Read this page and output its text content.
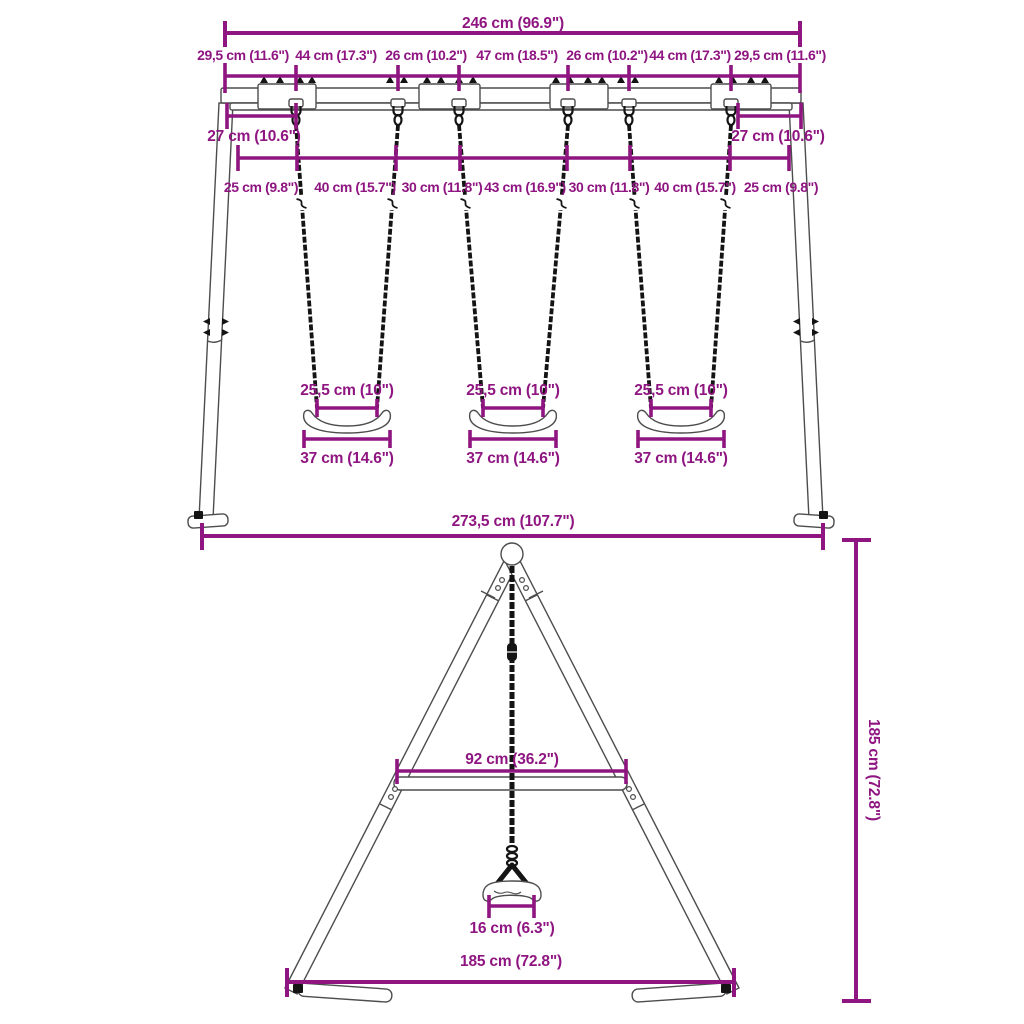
246 cm (96.9")
29,5 cm (11.6") 44 cm (17.3") 26 cm (10.2") 47 cm (18.5") 26 cm (10.2") 44 cm (17.3") 29,5 cm (11.6")
27 cm (10.6")	27 cm (10.6")
25 cm (9.8") 40 cm (15.7") 30 cm (11.8") 43 cm (16.9") 30 cm (11.8") 40 cm (15.7") 25 cm (9.8")
25,5 cm (10")
37 cm (14.6")
25,5 cm (10")
37 cm (14.6")
25,5 cm (10")
37 cm (14.6")
273,5 cm (107.7")
92 cm (36.2")
16 cm (6.3")
185 cm (72.8")
185 cm (72.8")
